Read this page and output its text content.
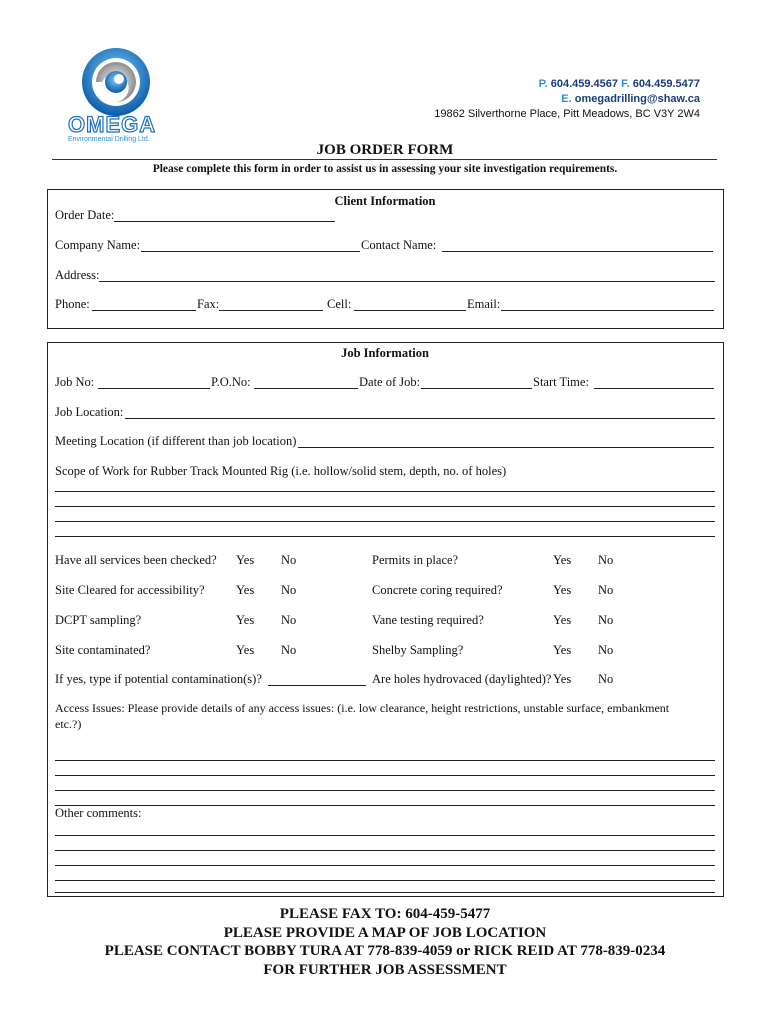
OMEGA
Environmental Drilling Ltd.
P. 604.459.4567 F. 604.459.5477
E. omegadrilling@shaw.ca
19862 Silverthorne Place, Pitt Meadows, BC V3Y 2W4
JOB ORDER FORM
Please complete this form in order to assist us in assessing your site investigation requirements.
Client Information
Order Date:
Company Name:	Contact Name:
Address:
Phone:	Fax:	Cell:	Email:
Job Information
Job No:	P.O.No:	Date of Job:	Start Time:
Job Location:
Meeting Location (if different than job location)
Scope of Work for Rubber Track Mounted Rig (i.e. hollow/solid stem, depth, no. of holes)
Have all services been checked? Yes No	Permits in place?	Yes No
Site Cleared for accessibility?	Yes No	Concrete coring required?	Yes No
DCPT sampling?	Yes No	Vane testing required?	Yes No
Site contaminated?	Yes No	Shelby Sampling?	Yes No
If yes, type if potential contamination(s)?	Are holes hydrovaced (daylighted)? Yes No
Access Issues: Please provide details of any access issues: (i.e. low clearance, height restrictions, unstable surface, embankment
etc.?)
Other comments:
PLEASE FAX TO: 604-459-5477
PLEASE PROVIDE A MAP OF JOB LOCATION
PLEASE CONTACT BOBBY TURA AT 778-839-4059 or RICK REID AT 778-839-0234
FOR FURTHER JOB ASSESSMENT
